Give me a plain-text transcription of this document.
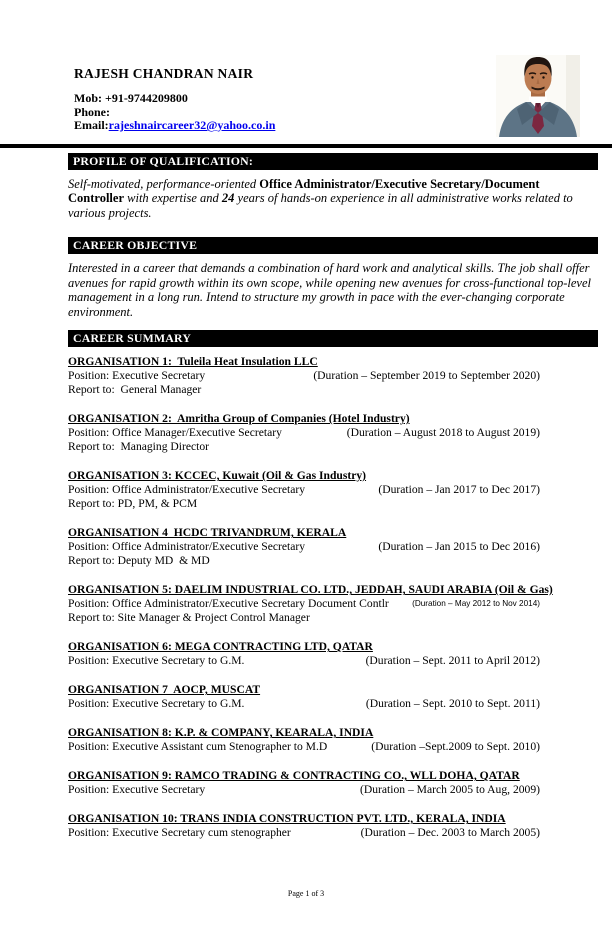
RAJESH CHANDRAN NAIR
Mob: +91-9744209800
Phone:
Email:rajeshnaircareer32@yahoo.co.in
PROFILE OF QUALIFICATION:

Self-motivated, performance-oriented Office Administrator/Executive Secretary/Document Controller with expertise and 24 years of hands-on experience in all administrative works related to various projects.

CAREER OBJECTIVE

Interested in a career that demands a combination of hard work and analytical skills. The job shall offer avenues for rapid growth within its own scope, while opening new avenues for cross-functional top-level management in a long run. Intend to structure my growth in pace with the ever-changing corporate environment.

CAREER SUMMARY
ORGANISATION 1:  Tuleila Heat Insulation LLC
Position: Executive Secretary	(Duration – September 2019 to September 2020)
Report to:  General Manager
ORGANISATION 2:  Amritha Group of Companies (Hotel Industry)
Position: Office Manager/Executive Secretary	(Duration – August 2018 to August 2019)
Report to:  Managing Director
ORGANISATION 3: KCCEC, Kuwait (Oil & Gas Industry)
Position: Office Administrator/Executive Secretary	(Duration – Jan 2017 to Dec 2017)
Report to: PD, PM, & PCM
ORGANISATION 4  HCDC TRIVANDRUM, KERALA
Position: Office Administrator/Executive Secretary	(Duration – Jan 2015 to Dec 2016)
Report to: Deputy MD  & MD
ORGANISATION 5: DAELIM INDUSTRIAL CO. LTD., JEDDAH, SAUDI ARABIA (Oil & Gas)
Position: Office Administrator/Executive Secretary Document Contlr	(Duration – May 2012 to Nov 2014)
Report to: Site Manager & Project Control Manager
ORGANISATION 6: MEGA CONTRACTING LTD, QATAR
Position: Executive Secretary to G.M.	(Duration – Sept. 2011 to April 2012)
ORGANISATION 7  AOCP, MUSCAT
Position: Executive Secretary to G.M.	(Duration – Sept. 2010 to Sept. 2011)
ORGANISATION 8: K.P. & COMPANY, KEARALA, INDIA
Position: Executive Assistant cum Stenographer to M.D	(Duration –Sept.2009 to Sept. 2010)
ORGANISATION 9: RAMCO TRADING & CONTRACTING CO., WLL DOHA, QATAR
Position: Executive Secretary	(Duration – March 2005 to Aug, 2009)
ORGANISATION 10: TRANS INDIA CONSTRUCTION PVT. LTD., KERALA, INDIA
Position: Executive Secretary cum stenographer	(Duration – Dec. 2003 to March 2005)
Page 1 of 3
